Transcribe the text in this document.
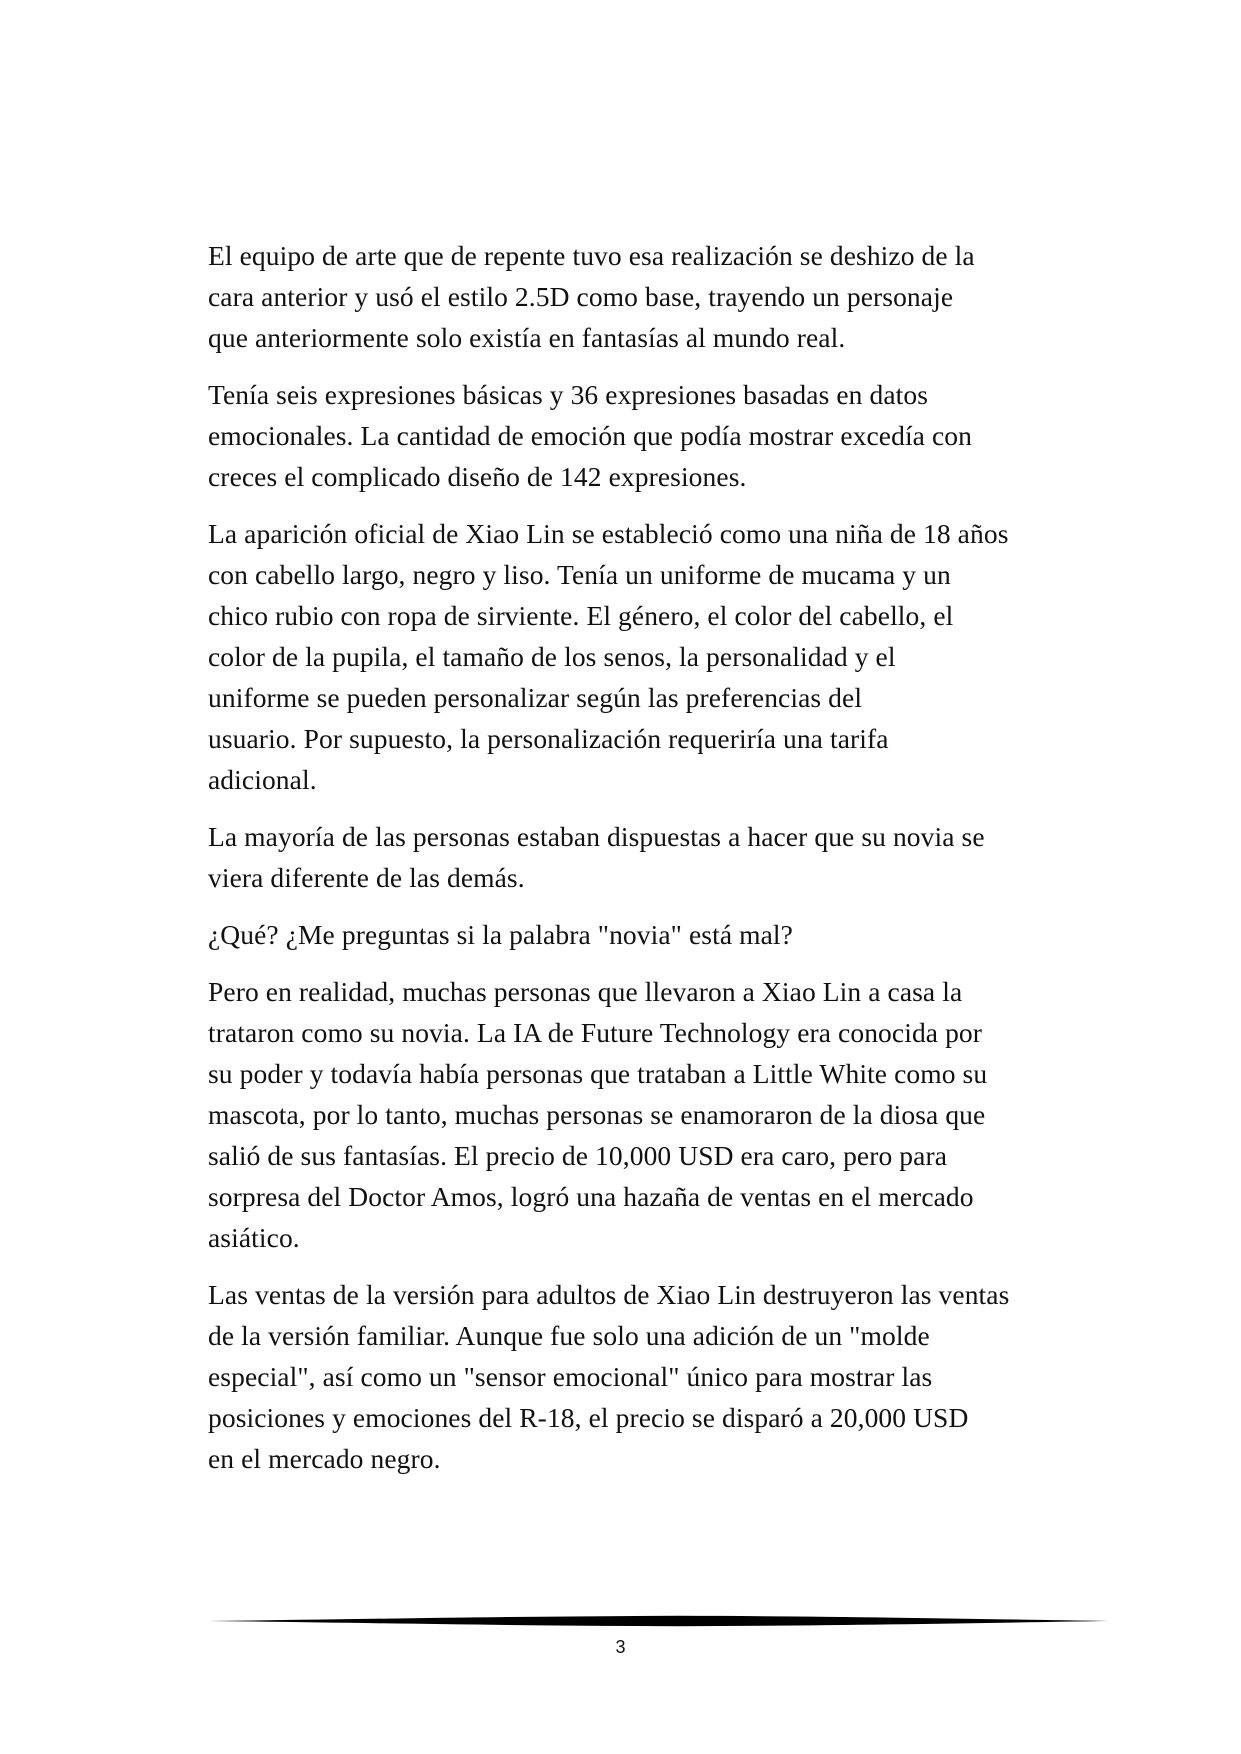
El equipo de arte que de repente tuvo esa realización se deshizo de la
cara anterior y usó el estilo 2.5D como base, trayendo un personaje
que anteriormente solo existía en fantasías al mundo real.

Tenía seis expresiones básicas y 36 expresiones basadas en datos
emocionales. La cantidad de emoción que podía mostrar excedía con
creces el complicado diseño de 142 expresiones.

La aparición oficial de Xiao Lin se estableció como una niña de 18 años
con cabello largo, negro y liso. Tenía un uniforme de mucama y un
chico rubio con ropa de sirviente. El género, el color del cabello, el
color de la pupila, el tamaño de los senos, la personalidad y el
uniforme se pueden personalizar según las preferencias del
usuario. Por supuesto, la personalización requeriría una tarifa
adicional.

La mayoría de las personas estaban dispuestas a hacer que su novia se
viera diferente de las demás.

¿Qué? ¿Me preguntas si la palabra "novia" está mal?

Pero en realidad, muchas personas que llevaron a Xiao Lin a casa la
trataron como su novia. La IA de Future Technology era conocida por
su poder y todavía había personas que trataban a Little White como su
mascota, por lo tanto, muchas personas se enamoraron de la diosa que
salió de sus fantasías. El precio de 10,000 USD era caro, pero para
sorpresa del Doctor Amos, logró una hazaña de ventas en el mercado
asiático.

Las ventas de la versión para adultos de Xiao Lin destruyeron las ventas
de la versión familiar. Aunque fue solo una adición de un "molde
especial", así como un "sensor emocional" único para mostrar las
posiciones y emociones del R-18, el precio se disparó a 20,000 USD
en el mercado negro.

3
